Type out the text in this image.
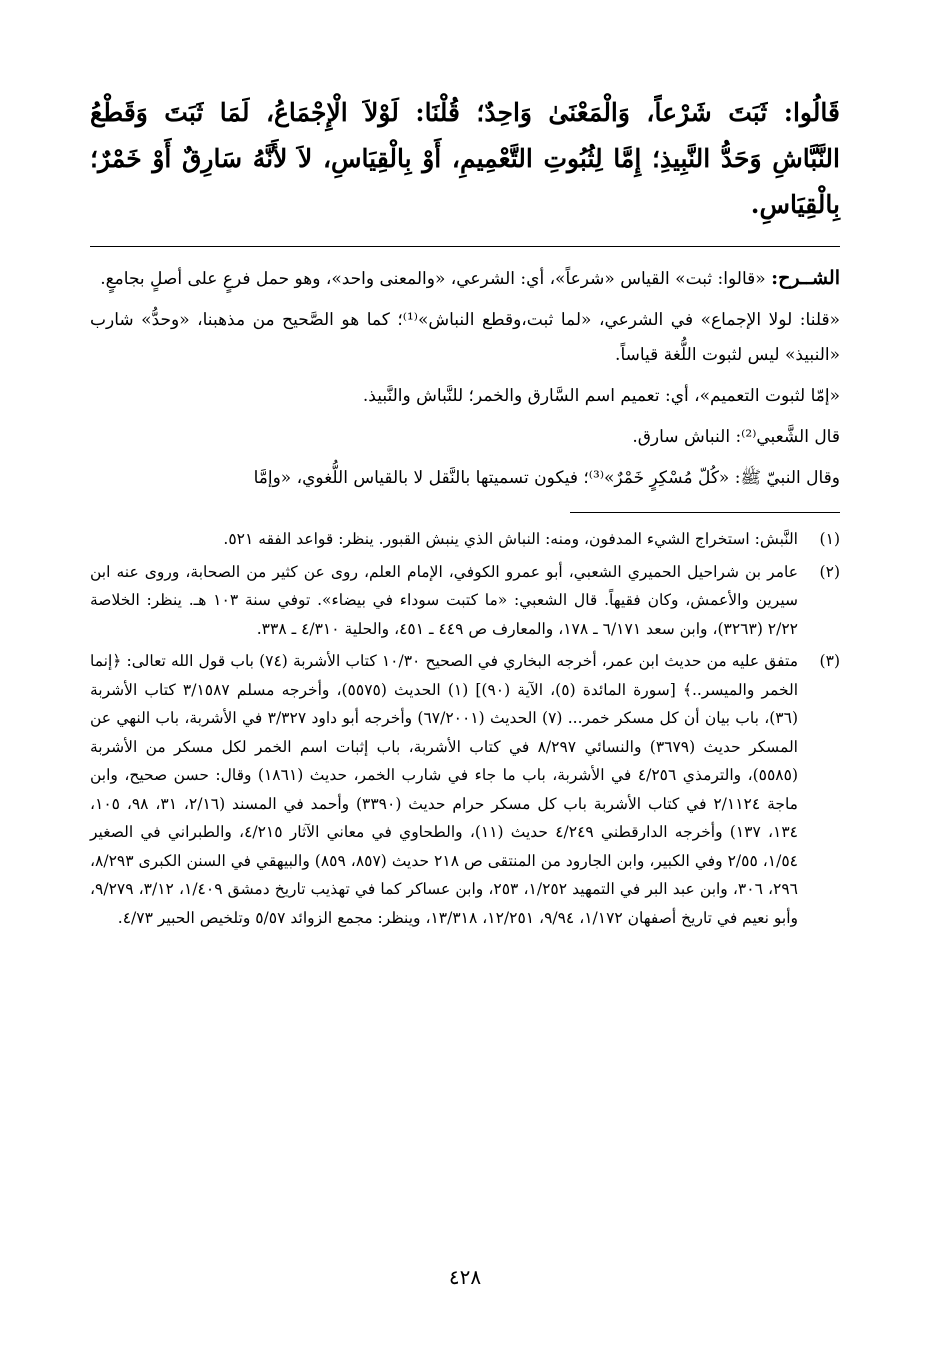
قَالُوا: ثَبَتَ شَرْعاً، وَالْمَعْنَىٰ وَاحِدٌ؛ قُلْنَا: لَوْلاَ الْإِجْمَاعُ، لَمَا ثَبَتَ وَقَطْعُ
النَّبَّاشِ وَحَدُّ النَّبِيذِ؛ إِمَّا لِثُبُوتِ التَّعْمِيمِ، أَوْ بِالْقِيَاسِ، لاَ لأَنَّهُ سَارِقٌ أَوْ خَمْرٌ؛
بِالْقِيَاسِ.

الشــرح: «قالوا: ثبت» القياس «شرعاً»، أي: الشرعي، «والمعنى واحد»، وهو حمل فرعٍ على أصلٍ بجامعٍ.

«قلنا: لولا الإجماع» في الشرعي، «لما ثبت،وقطع النباش»⁽¹⁾؛ كما هو الصَّحيح من مذهبنا، «وحدُّ» شارب «النبيذ» ليس لثبوت اللُّغة قياساً.

«إمّا لثبوت التعميم»، أي: تعميم اسم السَّارق والخمر؛ للنَّباش والنَّبيذ.

قال الشَّعبي⁽²⁾: النباش سارق.

وقال النبيّ ﷺ: «كُلّ مُسْكِرٍ خَمْرٌ»⁽³⁾؛ فيكون تسميتها بالنَّقل لا بالقياس اللُّغوي، «وإمَّا

(١)
النَّبش: استخراج الشيء المدفون، ومنه: النباش الذي ينبش القبور. ينظر: قواعد الفقه ٥٢١.
(٢)
عامر بن شراحيل الحميري الشعبي، أبو عمرو الكوفي، الإمام العلم، روى عن كثير من الصحابة، وروى عنه ابن سيرين والأعمش، وكان فقيهاً. قال الشعبي: «ما كتبت سوداء في بيضاء». توفي سنة ١٠٣ هـ. ينظر: الخلاصة ٢/٢٢ (٣٢٦٣)، وابن سعد ٦/١٧١ ـ ١٧٨، والمعارف ص ٤٤٩ ـ ٤٥١، والحلية ٤/٣١٠ ـ ٣٣٨.
(٣)
متفق عليه من حديث ابن عمر، أخرجه البخاري في الصحيح ١٠/٣٠ كتاب الأشربة (٧٤) باب قول الله تعالى: ﴿إنما الخمر والميسر..﴾ [سورة المائدة (٥)، الآية (٩٠)] (١) الحديث (٥٥٧٥)، وأخرجه مسلم ٣/١٥٨٧ كتاب الأشربة (٣٦)، باب بيان أن كل مسكر خمر... (٧) الحديث (٦٧/٢٠٠١) وأخرجه أبو داود ٣/٣٢٧ في الأشربة، باب النهي عن المسكر حديث (٣٦٧٩) والنسائي ٨/٢٩٧ في كتاب الأشربة، باب إثبات اسم الخمر لكل مسكر من الأشربة (٥٥٨٥)، والترمذي ٤/٢٥٦ في الأشربة، باب ما جاء في شارب الخمر، حديث (١٨٦١) وقال: حسن صحيح، وابن ماجة ٢/١١٢٤ في كتاب الأشربة باب كل مسكر حرام حديث (٣٣٩٠) وأحمد في المسند (٢/١٦، ٣١، ٩٨، ١٠٥، ١٣٤، ١٣٧) وأخرجه الدارقطني ٤/٢٤٩ حديث (١١)، والطحاوي في معاني الآثار ٤/٢١٥، والطبراني في الصغير ١/٥٤، ٢/٥٥ وفي الكبير، وابن الجارود من المنتقى ص ٢١٨ حديث (٨٥٧، ٨٥٩) والبيهقي في السنن الكبرى ٨/٢٩٣، ٢٩٦، ٣٠٦، وابن عبد البر في التمهيد ١/٢٥٢، ٢٥٣، وابن عساكر كما في تهذيب تاريخ دمشق ١/٤٠٩، ٣/١٢، ٩/٢٧٩، وأبو نعيم في تاريخ أصفهان ١/١٧٢، ٩/٩٤، ١٢/٢٥١، ١٣/٣١٨، وينظر: مجمع الزوائد ٥/٥٧ وتلخيص الحبير ٤/٧٣.
٤٢٨
